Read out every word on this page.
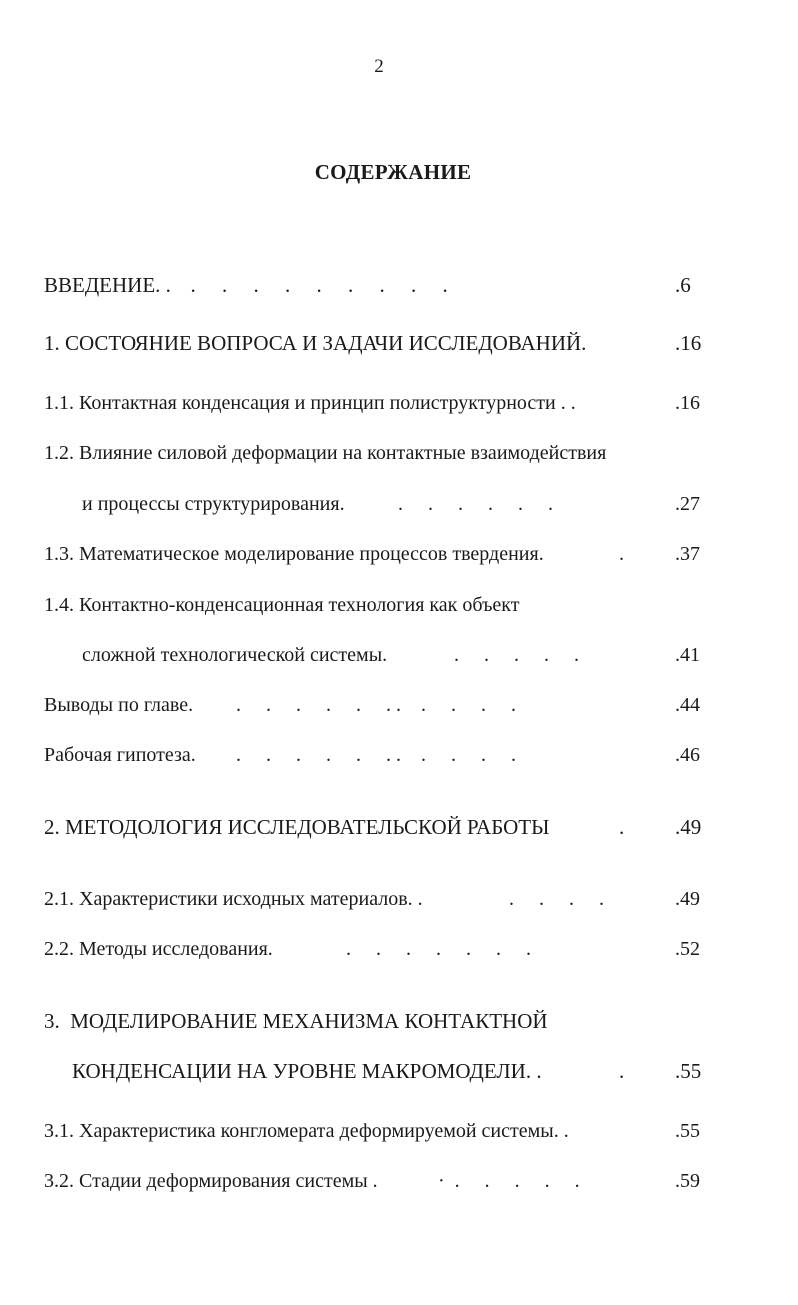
2
СОДЕРЖАНИЕ
ВВЕДЕНИЕ. . .     .     .     .     .     .     .     .     .	.6
1. СОСТОЯНИЕ ВОПРОСА И ЗАДАЧИ ИССЛЕДОВАНИЙ.	.16
1.1. Контактная конденсация и принцип полиструктурности . .	.16
1.2. Влияние силовой деформации на контактные взаимодействия
и процессы структурирования.	.     .     .     .     .     .	.27
1.3. Математическое моделирование процессов твердения.	.	.37
1.4. Контактно-конденсационная технология как объект
сложной технологической системы.	.     .     .     .     .	.41
Выводы по главе. .     .     .     .     .     . .    .     .     .     .	.44
Рабочая гипотеза. .     .     .     .     .     . .    .     .     .     .	.46
2. МЕТОДОЛОГИЯ ИССЛЕДОВАТЕЛЬСКОЙ РАБОТЫ	. .49
2.1. Характеристики исходных материалов. .	.     .     .     .	.49
2.2. Методы исследования.	.     .     .     .     .     .     .	.52
3.  МОДЕЛИРОВАНИЕ МЕХАНИЗМА КОНТАКТНОЙ
КОНДЕНСАЦИИ НА УРОВНЕ МАКРОМОДЕЛИ. .	. .55
3.1. Характеристика конгломерата деформируемой системы. .	.55
3.2. Стадии деформирования системы .	·  .     .     .     .     .	.59
